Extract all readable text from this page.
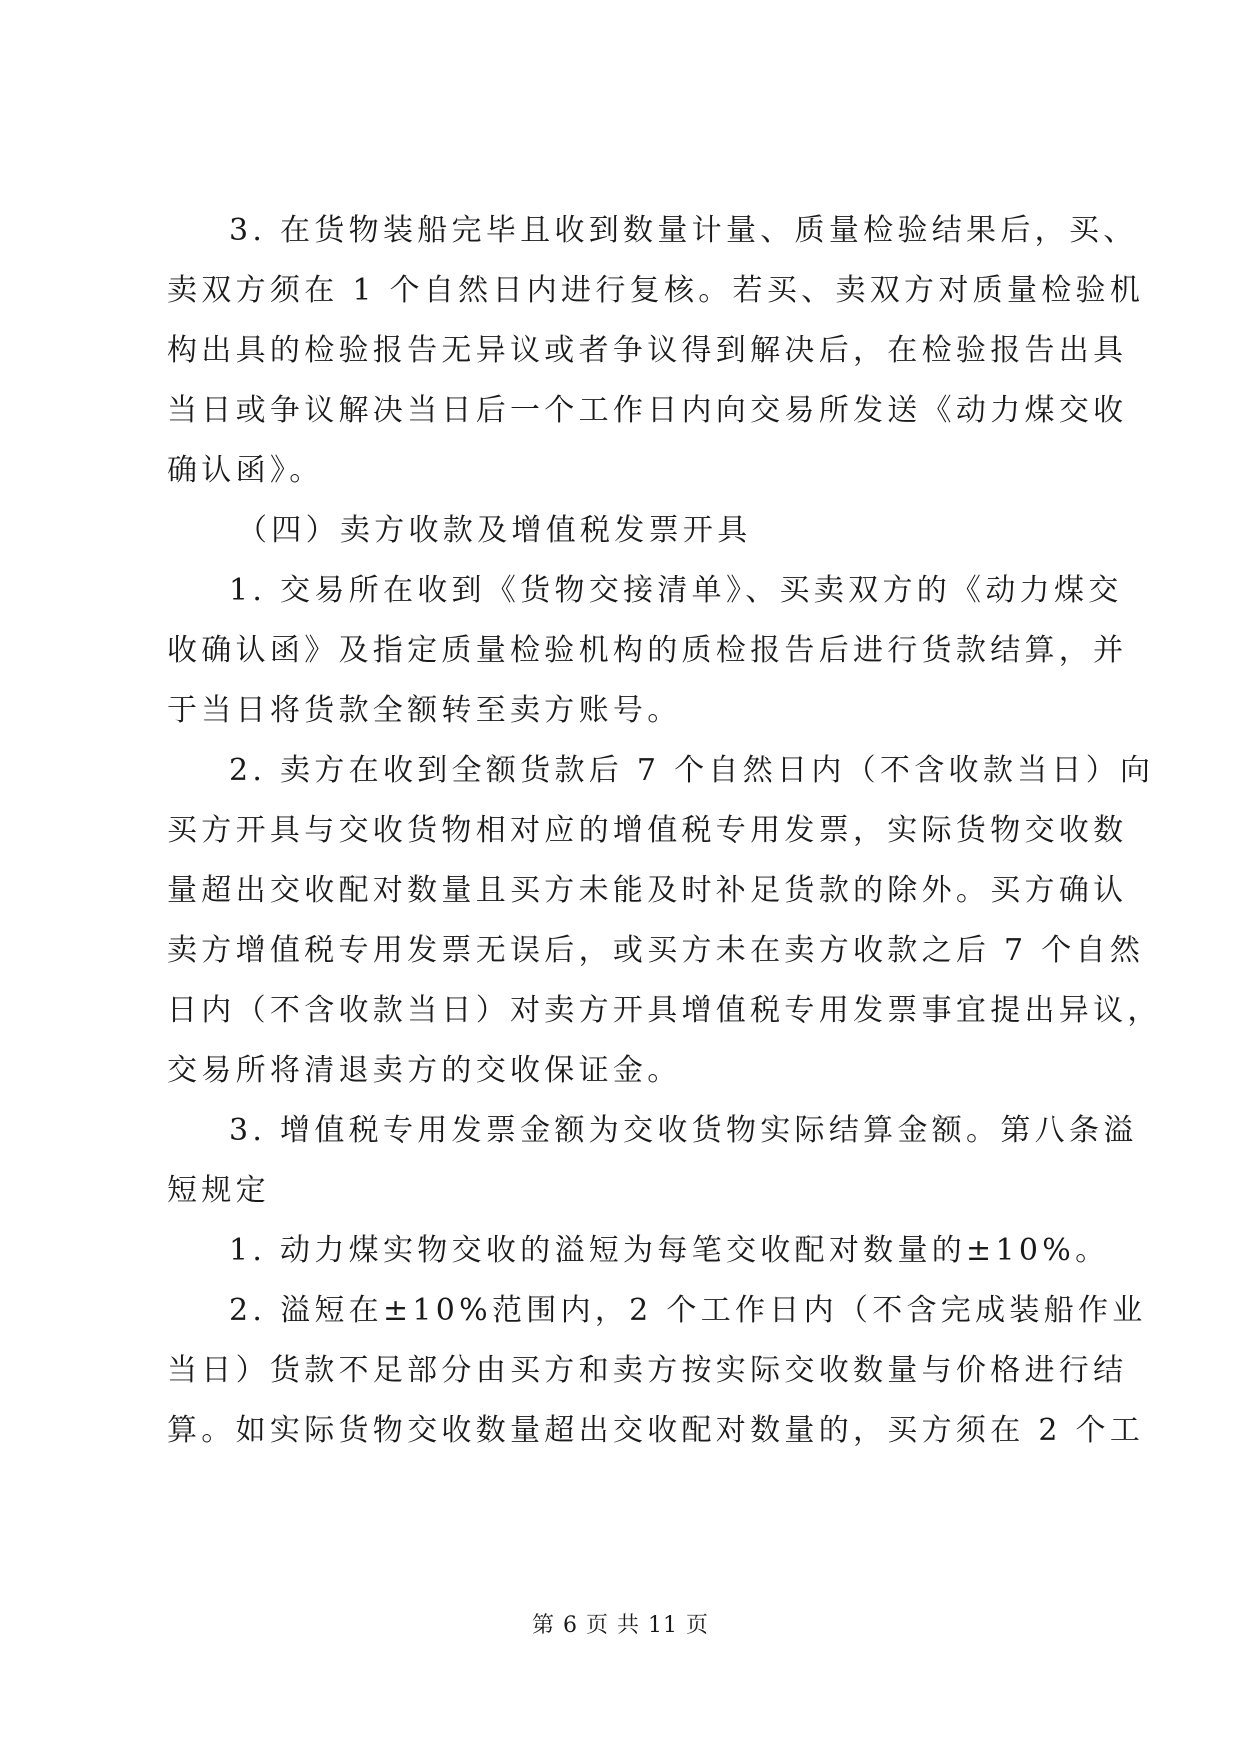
3. 在货物装船完毕且收到数量计量、质量检验结果后，买、
卖双方须在 1 个自然日内进行复核。若买、卖双方对质量检验机
构出具的检验报告无异议或者争议得到解决后，在检验报告出具
当日或争议解决当日后一个工作日内向交易所发送《动力煤交收
确认函》。
（四）卖方收款及增值税发票开具
1. 交易所在收到《货物交接清单》、买卖双方的《动力煤交
收确认函》及指定质量检验机构的质检报告后进行货款结算，并
于当日将货款全额转至卖方账号。
2. 卖方在收到全额货款后 7 个自然日内（不含收款当日）向
买方开具与交收货物相对应的增值税专用发票，实际货物交收数
量超出交收配对数量且买方未能及时补足货款的除外。买方确认
卖方增值税专用发票无误后，或买方未在卖方收款之后 7 个自然
日内（不含收款当日）对卖方开具增值税专用发票事宜提出异议，
交易所将清退卖方的交收保证金。
3. 增值税专用发票金额为交收货物实际结算金额。第八条溢
短规定
1. 动力煤实物交收的溢短为每笔交收配对数量的±10%。
2. 溢短在±10%范围内，2 个工作日内（不含完成装船作业
当日）货款不足部分由买方和卖方按实际交收数量与价格进行结
算。如实际货物交收数量超出交收配对数量的，买方须在 2 个工
第 6 页 共 11 页
